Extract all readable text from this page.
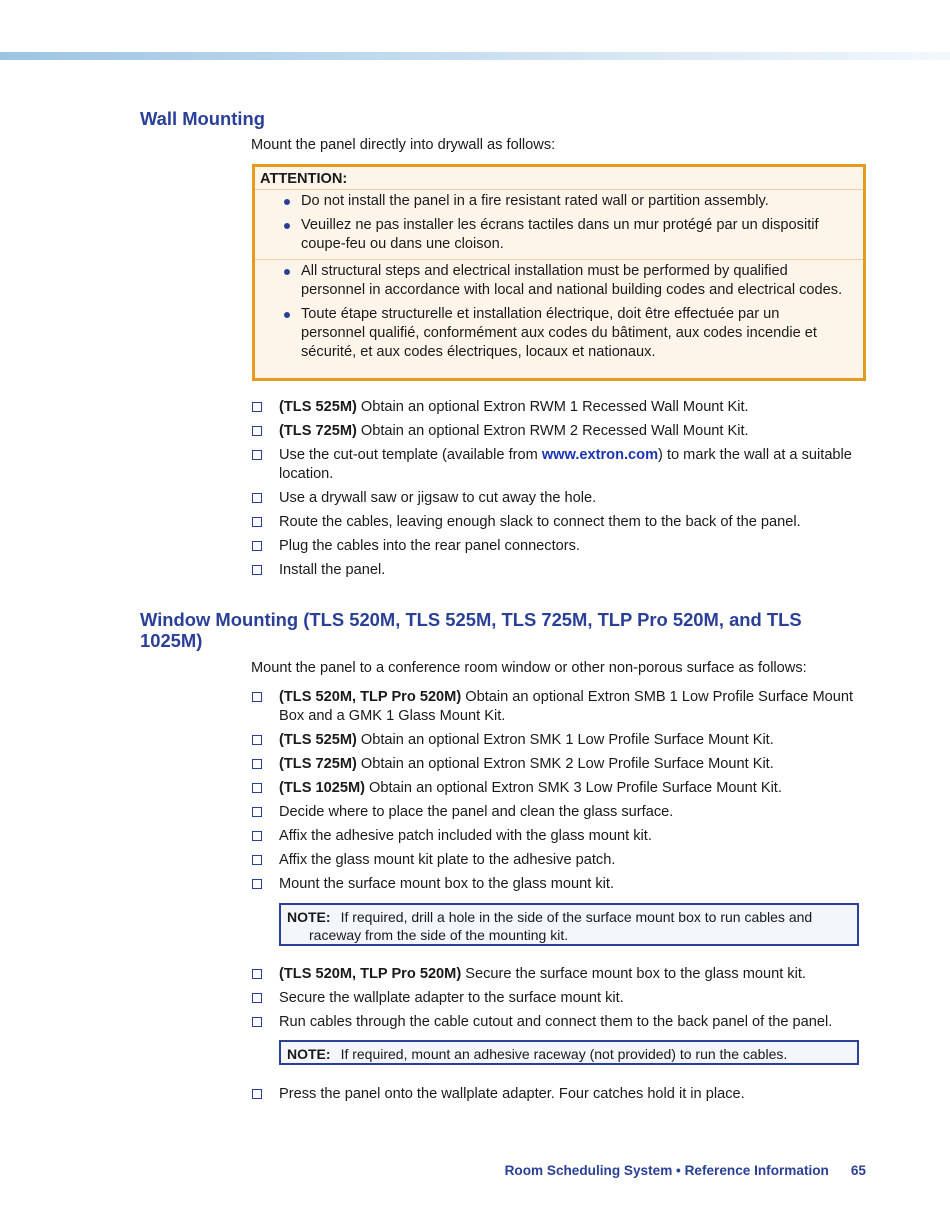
Wall Mounting

Mount the panel directly into drywall as follows:

ATTENTION:
Do not install the panel in a fire resistant rated wall or partition assembly.
Veuillez ne pas installer les écrans tactiles dans un mur protégé par un dispositif coupe-feu ou dans une cloison.
All structural steps and electrical installation must be performed by qualified personnel in accordance with local and national building codes and electrical codes.
Toute étape structurelle et installation électrique, doit être effectuée par un personnel qualifié, conformément aux codes du bâtiment, aux codes incendie et sécurité, et aux codes électriques, locaux et nationaux.
(TLS 525M) Obtain an optional Extron RWM 1 Recessed Wall Mount Kit.
(TLS 725M) Obtain an optional Extron RWM 2 Recessed Wall Mount Kit.
Use the cut-out template (available from www.extron.com) to mark the wall at a suitable location.
Use a drywall saw or jigsaw to cut away the hole.
Route the cables, leaving enough slack to connect them to the back of the panel.
Plug the cables into the rear panel connectors.
Install the panel.
Window Mounting (TLS 520M, TLS 525M, TLS 725M, TLP Pro 520M, and TLS 1025M)

Mount the panel to a conference room window or other non-porous surface as follows:

(TLS 520M, TLP Pro 520M) Obtain an optional Extron SMB 1 Low Profile Surface Mount Box and a GMK 1 Glass Mount Kit.
(TLS 525M) Obtain an optional Extron SMK 1 Low Profile Surface Mount Kit.
(TLS 725M) Obtain an optional Extron SMK 2 Low Profile Surface Mount Kit.
(TLS 1025M) Obtain an optional Extron SMK 3 Low Profile Surface Mount Kit.
Decide where to place the panel and clean the glass surface.
Affix the adhesive patch included with the glass mount kit.
Affix the glass mount kit plate to the adhesive patch.
Mount the surface mount box to the glass mount kit.
NOTE: If required, drill a hole in the side of the surface mount box to run cables and
raceway from the side of the mounting kit.
(TLS 520M, TLP Pro 520M) Secure the surface mount box to the glass mount kit.
Secure the wallplate adapter to the surface mount kit.
Run cables through the cable cutout and connect them to the back panel of the panel.
NOTE: If required, mount an adhesive raceway (not provided) to run the cables.
Press the panel onto the wallplate adapter. Four catches hold it in place.
Room Scheduling System • Reference Information 65
